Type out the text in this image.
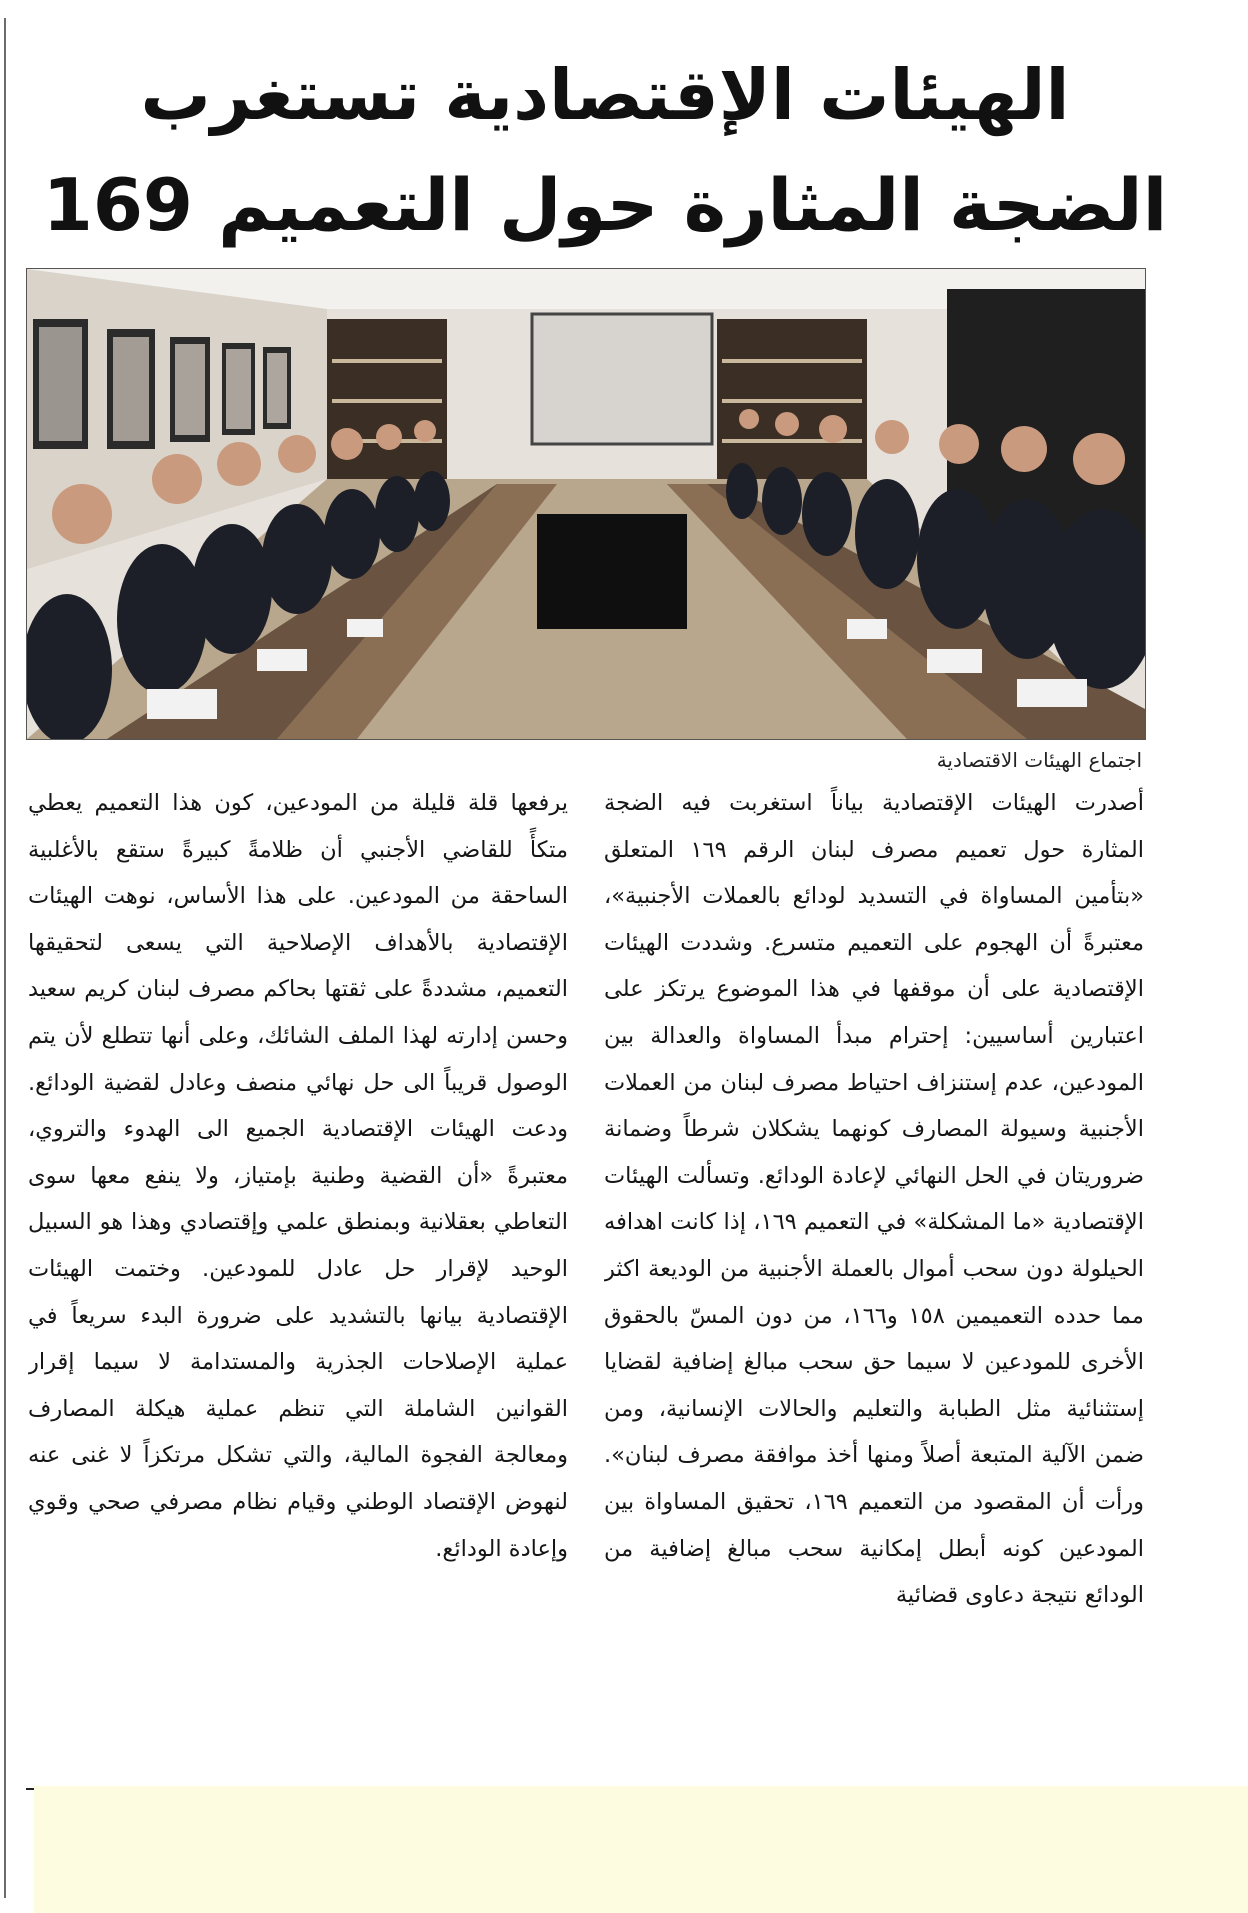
الهيئات الإقتصادية تستغرب
الضجة المثارة حول التعميم 169
اجتماع الهيئات الاقتصادية
أصدرت الهيئات الإقتصادية بياناً استغربت فيه الضجة المثارة حول تعميم مصرف لبنان الرقم ١٦٩ المتعلق «بتأمين المساواة في التسديد لودائع بالعملات الأجنبية»، معتبرةً أن الهجوم على التعميم متسرع. وشددت الهيئات الإقتصادية على أن موقفها في هذا الموضوع يرتكز على اعتبارين أساسيين: إحترام مبدأ المساواة والعدالة بين المودعين، عدم إستنزاف احتياط مصرف لبنان من العملات الأجنبية وسيولة المصارف كونهما يشكلان شرطاً وضمانة ضروريتان في الحل النهائي لإعادة الودائع. وتسألت الهيئات الإقتصادية «ما المشكلة» في التعميم ١٦٩، إذا كانت اهدافه الحيلولة دون سحب أموال بالعملة الأجنبية من الوديعة اكثر مما حدده التعميمين ١٥٨ و١٦٦، من دون المسّ بالحقوق الأخرى للمودعين لا سيما حق سحب مبالغ إضافية لقضايا إستثنائية مثل الطبابة والتعليم والحالات الإنسانية، ومن ضمن الآلية المتبعة أصلاً ومنها أخذ موافقة مصرف لبنان». ورأت أن المقصود من التعميم ١٦٩، تحقيق المساواة بين المودعين كونه أبطل إمكانية سحب مبالغ إضافية من الودائع نتيجة دعاوى قضائية
يرفعها قلة قليلة من المودعين، كون هذا التعميم يعطي متكأً للقاضي الأجنبي أن ظلامةً كبيرةً ستقع بالأغلبية الساحقة من المودعين. على هذا الأساس، نوهت الهيئات الإقتصادية بالأهداف الإصلاحية التي يسعى لتحقيقها التعميم، مشددةً على ثقتها بحاكم مصرف لبنان كريم سعيد وحسن إدارته لهذا الملف الشائك، وعلى أنها تتطلع لأن يتم الوصول قريباً الى حل نهائي منصف وعادل لقضية الودائع. ودعت الهيئات الإقتصادية الجميع الى الهدوء والتروي، معتبرةً «أن القضية وطنية بإمتياز، ولا ينفع معها سوى التعاطي بعقلانية وبمنطق علمي وإقتصادي وهذا هو السبيل الوحيد لإقرار حل عادل للمودعين. وختمت الهيئات الإقتصادية بيانها بالتشديد على ضرورة البدء سريعاً في عملية الإصلاحات الجذرية والمستدامة لا سيما إقرار القوانين الشاملة التي تنظم عملية هيكلة المصارف ومعالجة الفجوة المالية، والتي تشكل مرتكزاً لا غنى عنه لنهوض الإقتصاد الوطني وقيام نظام مصرفي صحي وقوي وإعادة الودائع.
